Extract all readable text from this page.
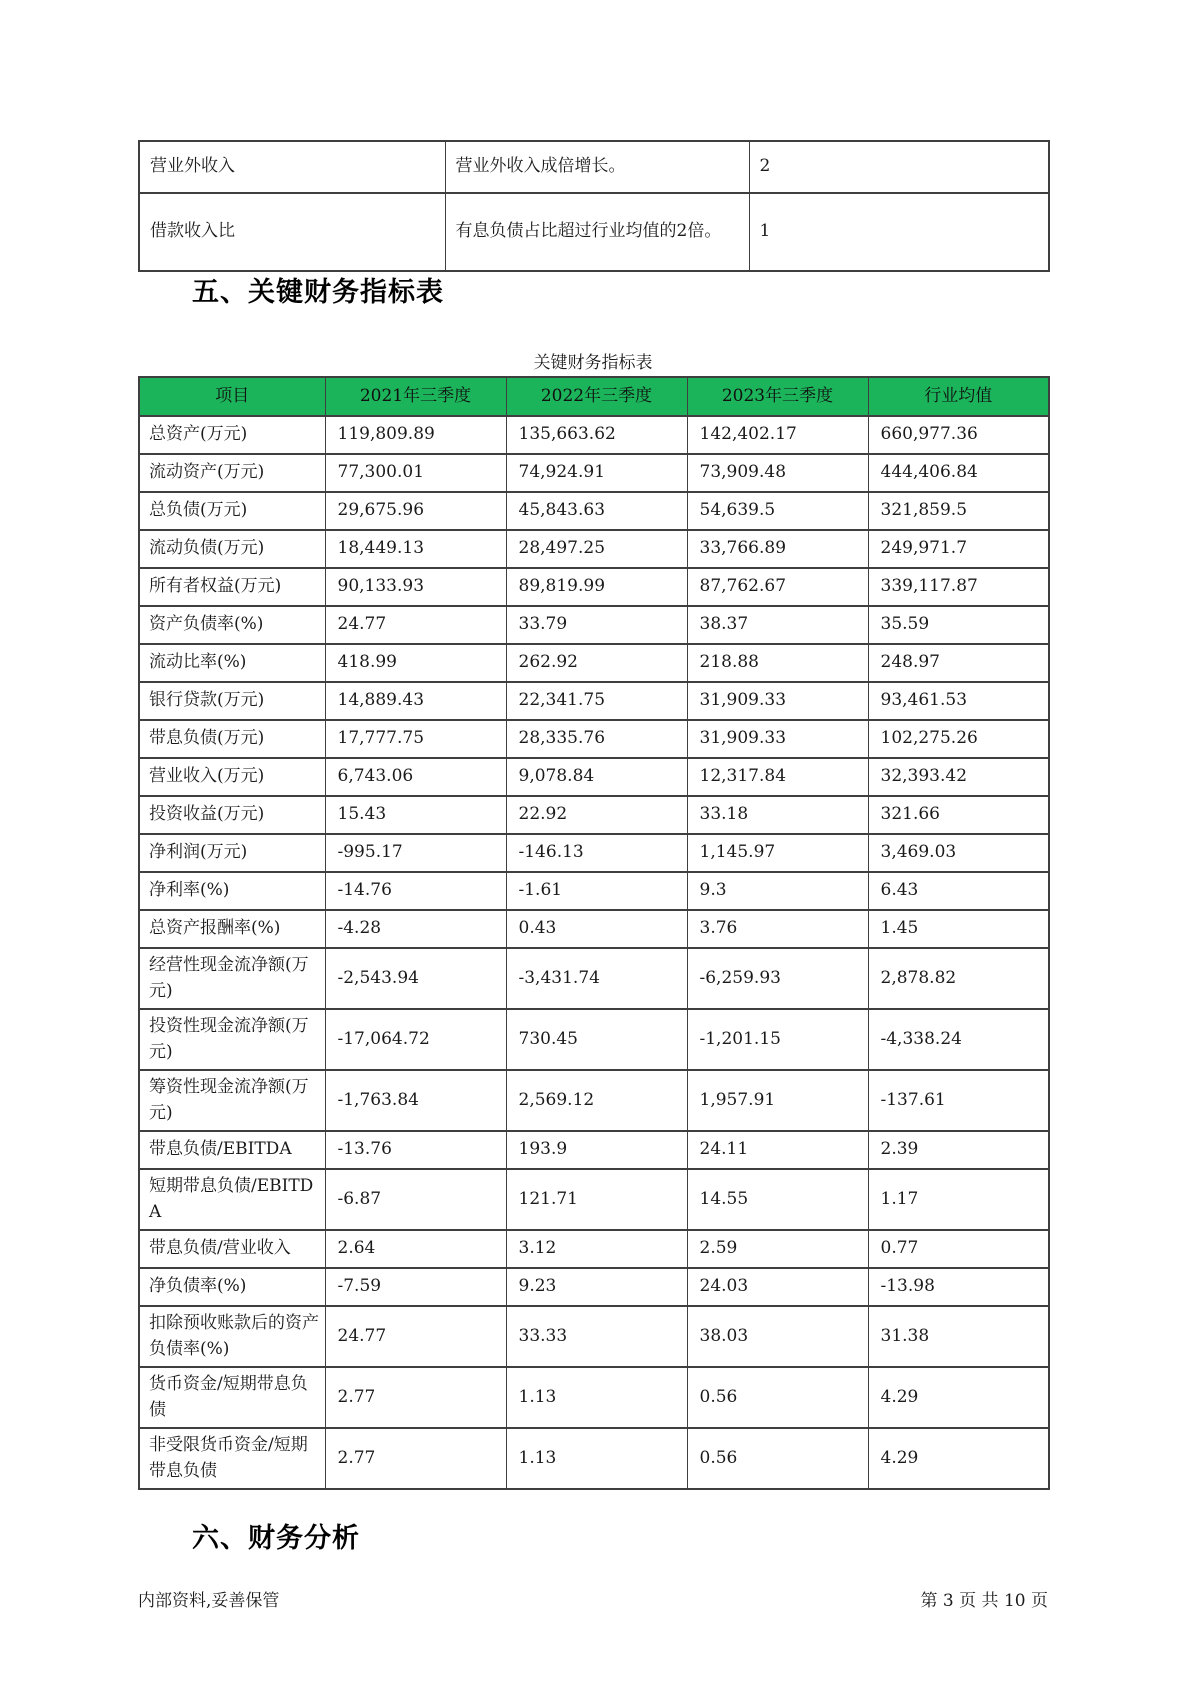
营业外收入	营业外收入成倍增长。	2
借款收入比	有息负债占比超过行业均值的2倍。	1
五、关键财务指标表
关键财务指标表
项目	2021年三季度	2022年三季度	2023年三季度	行业均值
总资产(万元)	119,809.89	135,663.62	142,402.17	660,977.36
流动资产(万元)	77,300.01	74,924.91	73,909.48	444,406.84
总负债(万元)	29,675.96	45,843.63	54,639.5	321,859.5
流动负债(万元)	18,449.13	28,497.25	33,766.89	249,971.7
所有者权益(万元)	90,133.93	89,819.99	87,762.67	339,117.87
资产负债率(%)	24.77	33.79	38.37	35.59
流动比率(%)	418.99	262.92	218.88	248.97
银行贷款(万元)	14,889.43	22,341.75	31,909.33	93,461.53
带息负债(万元)	17,777.75	28,335.76	31,909.33	102,275.26
营业收入(万元)	6,743.06	9,078.84	12,317.84	32,393.42
投资收益(万元)	15.43	22.92	33.18	321.66
净利润(万元)	-995.17	-146.13	1,145.97	3,469.03
净利率(%)	-14.76	-1.61	9.3	6.43
总资产报酬率(%)	-4.28	0.43	3.76	1.45
经营性现金流净额(万元)	-2,543.94	-3,431.74	-6,259.93	2,878.82
投资性现金流净额(万元)	-17,064.72	730.45	-1,201.15	-4,338.24
筹资性现金流净额(万元)	-1,763.84	2,569.12	1,957.91	-137.61
带息负债/EBITDA	-13.76	193.9	24.11	2.39
短期带息负债/EBITDA	-6.87	121.71	14.55	1.17
带息负债/营业收入	2.64	3.12	2.59	0.77
净负债率(%)	-7.59	9.23	24.03	-13.98
扣除预收账款后的资产负债率(%)	24.77	33.33	38.03	31.38
货币资金/短期带息负债	2.77	1.13	0.56	4.29
非受限货币资金/短期带息负债	2.77	1.13	0.56	4.29
六、财务分析
内部资料,妥善保管	第 3 页 共 10 页
